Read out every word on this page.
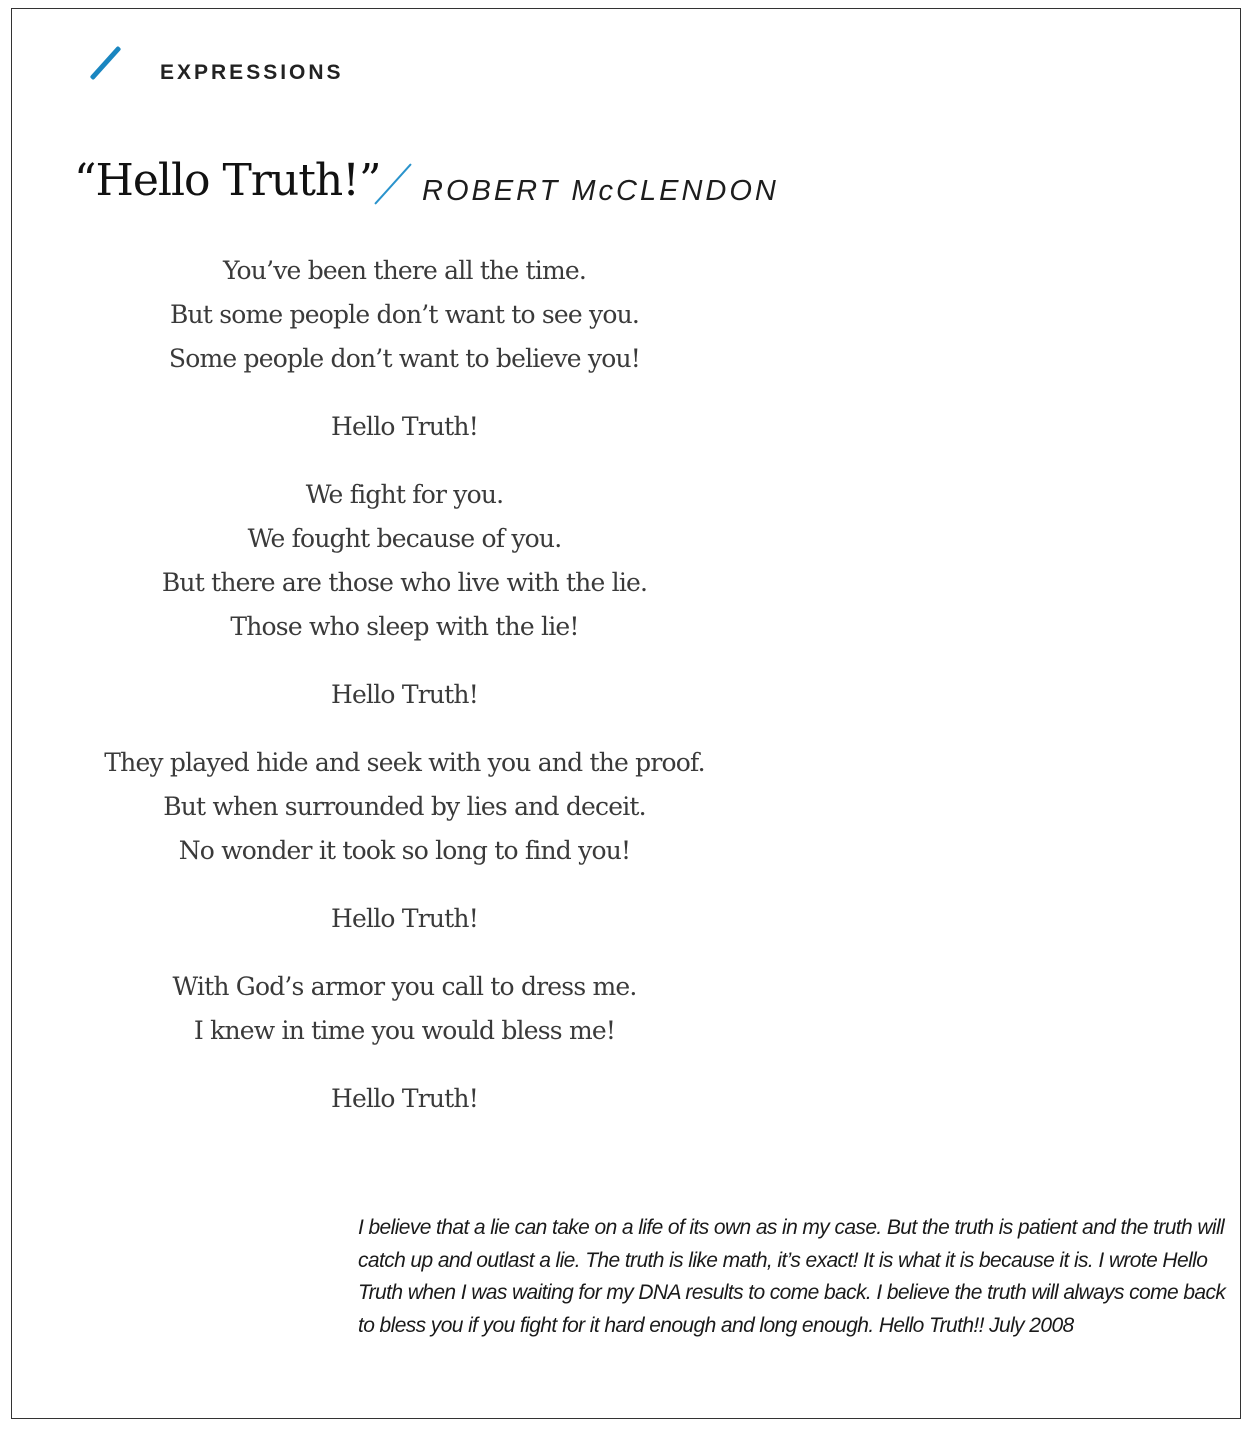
EXPRESSIONS
“Hello Truth!” ROBERT McCLENDON

You’ve been there all the time.
But some people don’t want to see you.
Some people don’t want to believe you!
Hello Truth!
We fight for you.
We fought because of you.
But there are those who live with the lie.
Those who sleep with the lie!
Hello Truth!
They played hide and seek with you and the proof.
But when surrounded by lies and deceit.
No wonder it took so long to find you!
Hello Truth!
With God’s armor you call to dress me.
I knew in time you would bless me!
Hello Truth!

I believe that a lie can take on a life of its own as in my case. But the truth is patient and the truth will catch up and outlast a lie. The truth is like math, it’s exact! It is what it is because it is. I wrote Hello Truth when I was waiting for my DNA results to come back. I believe the truth will always come back to bless you if you fight for it hard enough and long enough. Hello Truth!! July 2008
